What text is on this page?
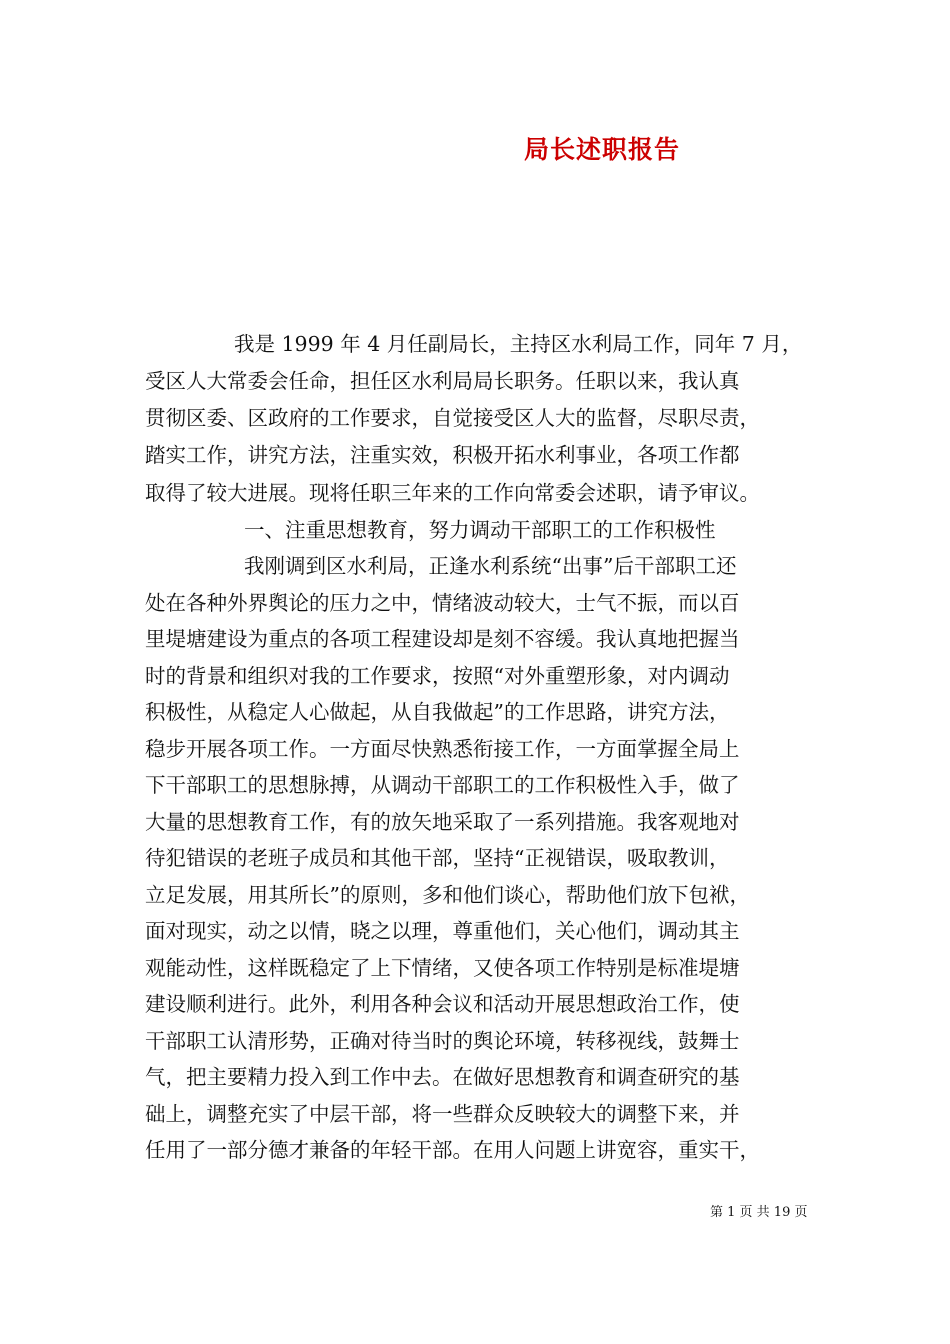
局长述职报告
我是 1999 年 4 月任副局长，主持区水利局工作，同年 7 月，
受区人大常委会任命，担任区水利局局长职务。任职以来，我认真
贯彻区委、区政府的工作要求，自觉接受区人大的监督，尽职尽责，
踏实工作，讲究方法，注重实效，积极开拓水利事业，各项工作都
取得了较大进展。现将任职三年来的工作向常委会述职，请予审议。
一、注重思想教育，努力调动干部职工的工作积极性
我刚调到区水利局，正逢水利系统“出事”后干部职工还
处在各种外界舆论的压力之中，情绪波动较大，士气不振，而以百
里堤塘建设为重点的各项工程建设却是刻不容缓。我认真地把握当
时的背景和组织对我的工作要求，按照“对外重塑形象，对内调动
积极性，从稳定人心做起，从自我做起”的工作思路，讲究方法，
稳步开展各项工作。一方面尽快熟悉衔接工作，一方面掌握全局上
下干部职工的思想脉搏，从调动干部职工的工作积极性入手，做了
大量的思想教育工作，有的放矢地采取了一系列措施。我客观地对
待犯错误的老班子成员和其他干部，坚持“正视错误，吸取教训，
立足发展，用其所长”的原则，多和他们谈心，帮助他们放下包袱，
面对现实，动之以情，晓之以理，尊重他们，关心他们，调动其主
观能动性，这样既稳定了上下情绪，又使各项工作特别是标准堤塘
建设顺利进行。此外，利用各种会议和活动开展思想政治工作，使
干部职工认清形势，正确对待当时的舆论环境，转移视线，鼓舞士
气，把主要精力投入到工作中去。在做好思想教育和调查研究的基
础上，调整充实了中层干部，将一些群众反映较大的调整下来，并
任用了一部分德才兼备的年轻干部。在用人问题上讲宽容，重实干，
第 1 页 共 19 页
